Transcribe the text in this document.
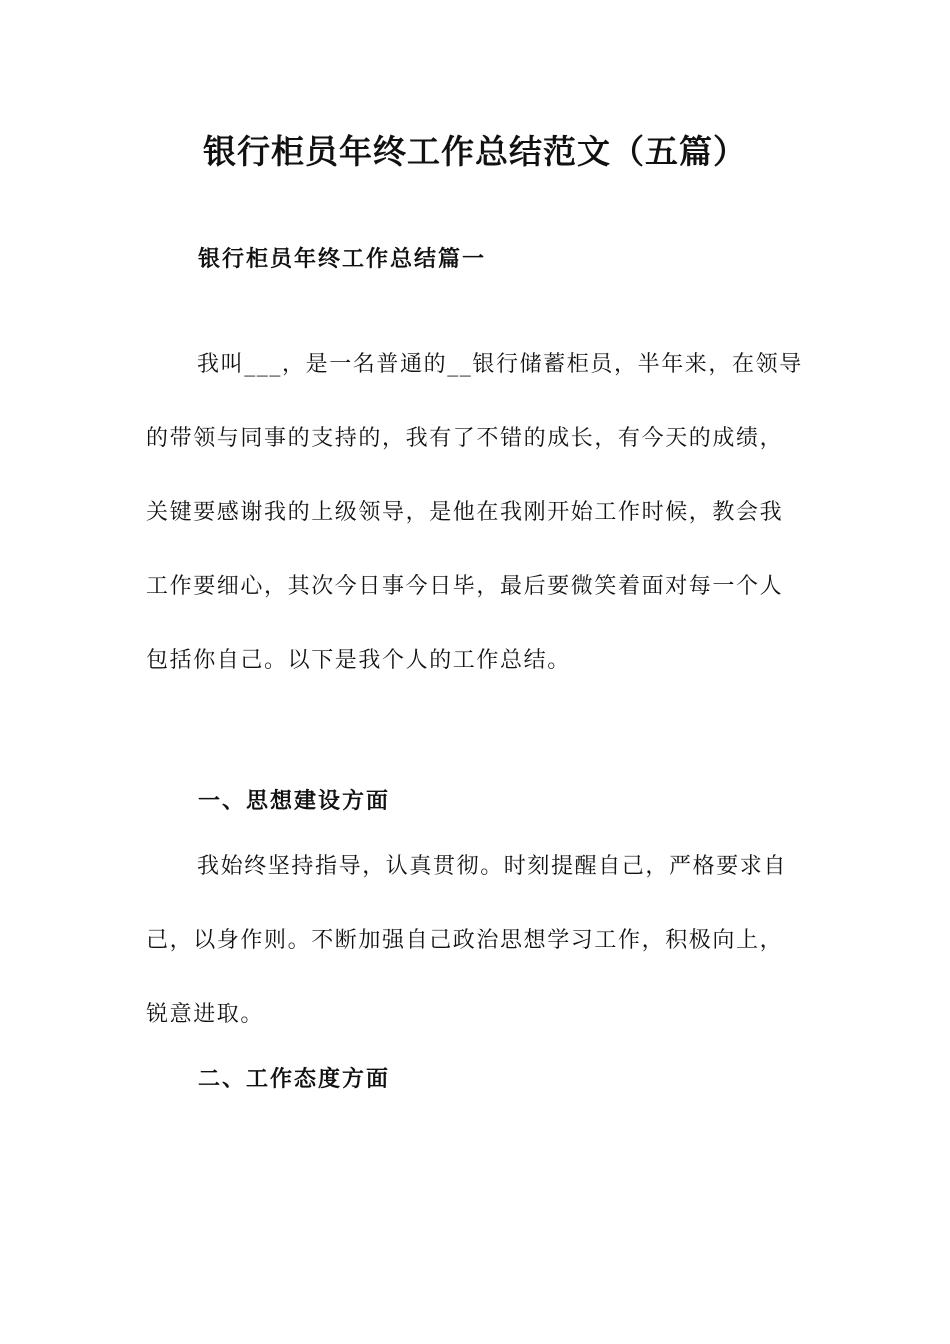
银行柜员年终工作总结范文（五篇）
银行柜员年终工作总结篇一

我叫___，是一名普通的__银行储蓄柜员，半年来，在领导的带领与同事的支持的，我有了不错的成长，有今天的成绩，关键要感谢我的上级领导，是他在我刚开始工作时候，教会我工作要细心，其次今日事今日毕，最后要微笑着面对每一个人包括你自己。以下是我个人的工作总结。

一、思想建设方面

我始终坚持指导，认真贯彻。时刻提醒自己，严格要求自己，以身作则。不断加强自己政治思想学习工作，积极向上，锐意进取。

二、工作态度方面
